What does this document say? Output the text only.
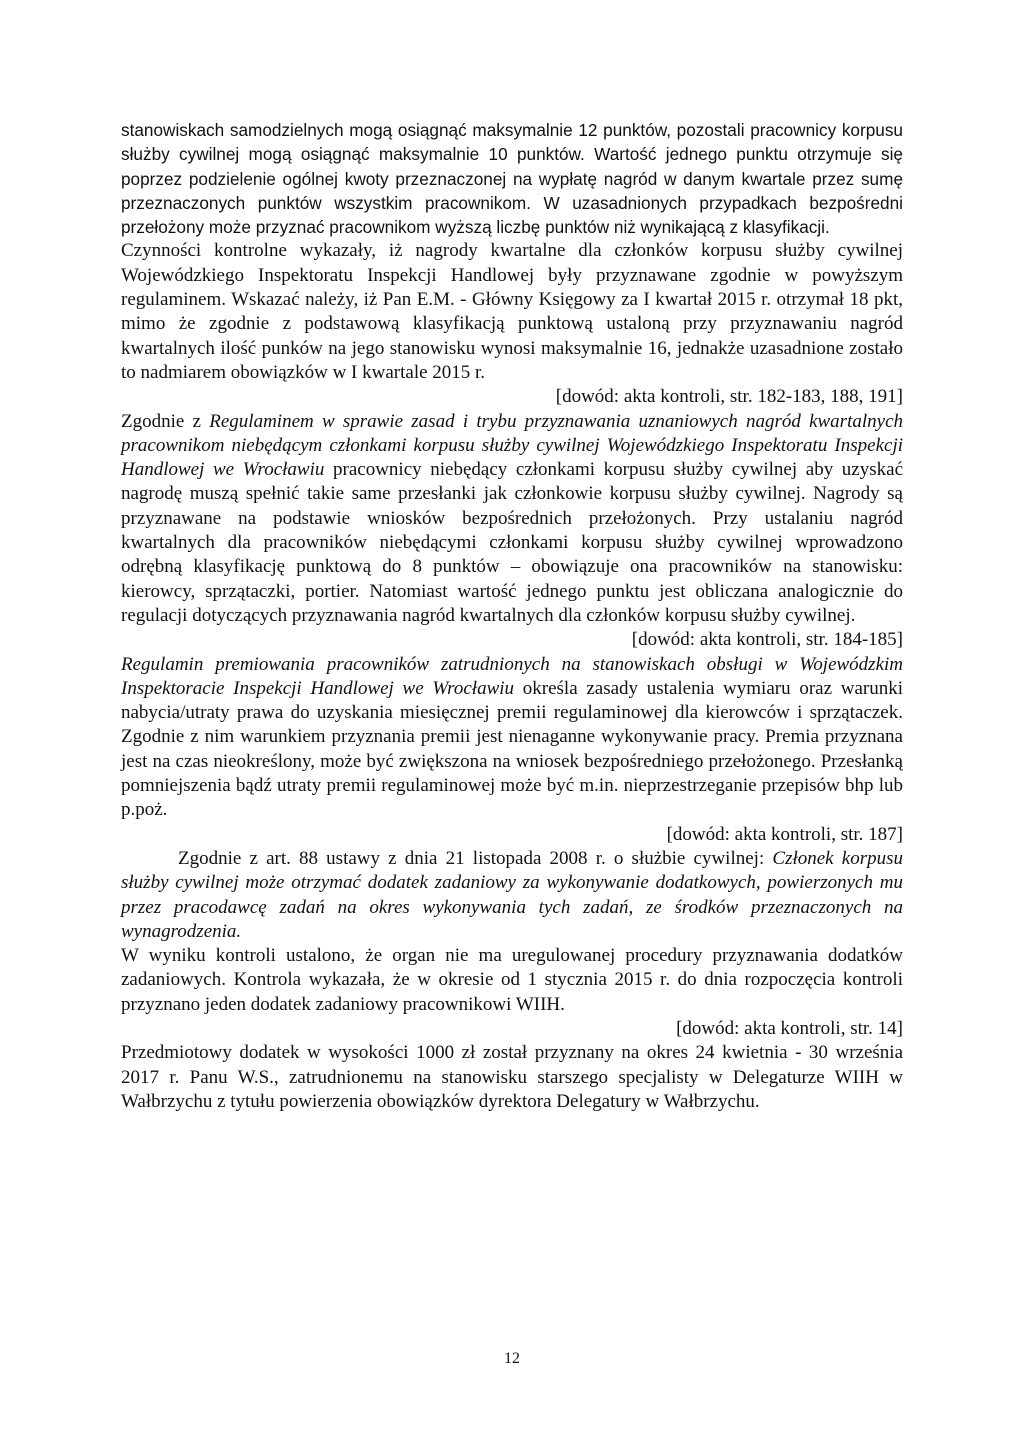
stanowiskach samodzielnych mogą osiągnąć maksymalnie 12 punktów, pozostali pracownicy korpusu służby cywilnej mogą osiągnąć maksymalnie 10 punktów. Wartość jednego punktu otrzymuje się poprzez podzielenie ogólnej kwoty przeznaczonej na wypłatę nagród w danym kwartale przez sumę przeznaczonych punktów wszystkim pracownikom. W uzasadnionych przypadkach bezpośredni przełożony może przyznać pracownikom wyższą liczbę punktów niż wynikającą z klasyfikacji.

Czynności kontrolne wykazały, iż nagrody kwartalne dla członków korpusu służby cywilnej Wojewódzkiego Inspektoratu Inspekcji Handlowej były przyznawane zgodnie w powyższym regulaminem. Wskazać należy, iż Pan E.M. - Główny Księgowy za I kwartał 2015 r. otrzymał 18 pkt, mimo że zgodnie z podstawową klasyfikacją punktową ustaloną przy przyznawaniu nagród kwartalnych ilość punków na jego stanowisku wynosi maksymalnie 16, jednakże uzasadnione zostało to nadmiarem obowiązków w I kwartale 2015 r.

[dowód: akta kontroli, str. 182-183, 188, 191]

Zgodnie z Regulaminem w sprawie zasad i trybu przyznawania uznaniowych nagród kwartalnych pracownikom niebędącym członkami korpusu służby cywilnej Wojewódzkiego Inspektoratu Inspekcji Handlowej we Wrocławiu pracownicy niebędący członkami korpusu służby cywilnej aby uzyskać nagrodę muszą spełnić takie same przesłanki jak członkowie korpusu służby cywilnej. Nagrody są przyznawane na podstawie wniosków bezpośrednich przełożonych. Przy ustalaniu nagród kwartalnych dla pracowników niebędącymi członkami korpusu służby cywilnej wprowadzono odrębną klasyfikację punktową do 8 punktów – obowiązuje ona pracowników na stanowisku: kierowcy, sprzątaczki, portier. Natomiast wartość jednego punktu jest obliczana analogicznie do regulacji dotyczących przyznawania nagród kwartalnych dla członków korpusu służby cywilnej.

[dowód: akta kontroli, str. 184-185]

Regulamin premiowania pracowników zatrudnionych na stanowiskach obsługi w Wojewódzkim Inspektoracie Inspekcji Handlowej we Wrocławiu określa zasady ustalenia wymiaru oraz warunki nabycia/utraty prawa do uzyskania miesięcznej premii regulaminowej dla kierowców i sprzątaczek. Zgodnie z nim warunkiem przyznania premii jest nienaganne wykonywanie pracy. Premia przyznana jest na czas nieokreślony, może być zwiększona na wniosek bezpośredniego przełożonego. Przesłanką pomniejszenia bądź utraty premii regulaminowej może być m.in. nieprzestrzeganie przepisów bhp lub p.poż.

[dowód: akta kontroli, str. 187]

Zgodnie z art. 88 ustawy z dnia 21 listopada 2008 r. o służbie cywilnej: Członek korpusu służby cywilnej może otrzymać dodatek zadaniowy za wykonywanie dodatkowych, powierzonych mu przez pracodawcę zadań na okres wykonywania tych zadań, ze środków przeznaczonych na wynagrodzenia.

W wyniku kontroli ustalono, że organ nie ma uregulowanej procedury przyznawania dodatków zadaniowych. Kontrola wykazała, że w okresie od 1 stycznia 2015 r. do dnia rozpoczęcia kontroli przyznano jeden dodatek zadaniowy pracownikowi WIIH.

[dowód: akta kontroli, str. 14]

Przedmiotowy dodatek w wysokości 1000 zł został przyznany na okres 24 kwietnia - 30 września 2017 r. Panu W.S., zatrudnionemu na stanowisku starszego specjalisty w Delegaturze WIIH w Wałbrzychu z tytułu powierzenia obowiązków dyrektora Delegatury w Wałbrzychu.

12
